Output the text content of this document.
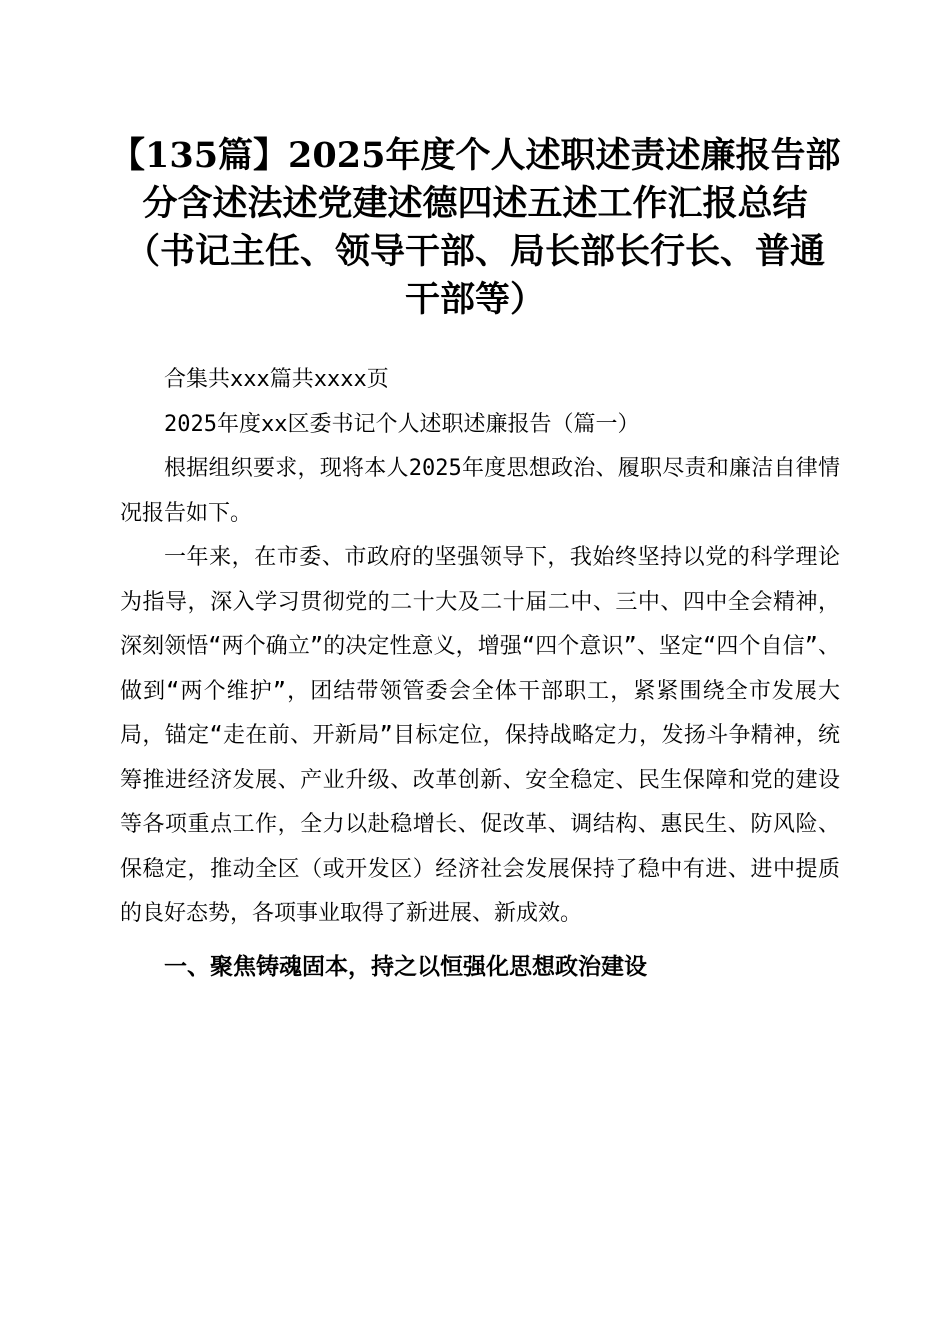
【135篇】2025年度个人述职述责述廉报告部
分含述法述党建述德四述五述工作汇报总结
（书记主任、领导干部、局长部长行长、普通
干部等）

合集共xxx篇共xxxx页

2025年度xx区委书记个人述职述廉报告（篇一）

根据组织要求，现将本人2025年度思想政治、履职尽责和廉洁自律情况报告如下。

一年来，在市委、市政府的坚强领导下，我始终坚持以党的科学理论为指导，深入学习贯彻党的二十大及二十届二中、三中、四中全会精神，深刻领悟“两个确立”的决定性意义，增强“四个意识”、坚定“四个自信”、做到“两个维护”，团结带领管委会全体干部职工，紧紧围绕全市发展大局，锚定“走在前、开新局”目标定位，保持战略定力，发扬斗争精神，统筹推进经济发展、产业升级、改革创新、安全稳定、民生保障和党的建设等各项重点工作，全力以赴稳增长、促改革、调结构、惠民生、防风险、保稳定，推动全区（或开发区）经济社会发展保持了稳中有进、进中提质的良好态势，各项事业取得了新进展、新成效。

一、聚焦铸魂固本，持之以恒强化思想政治建设
